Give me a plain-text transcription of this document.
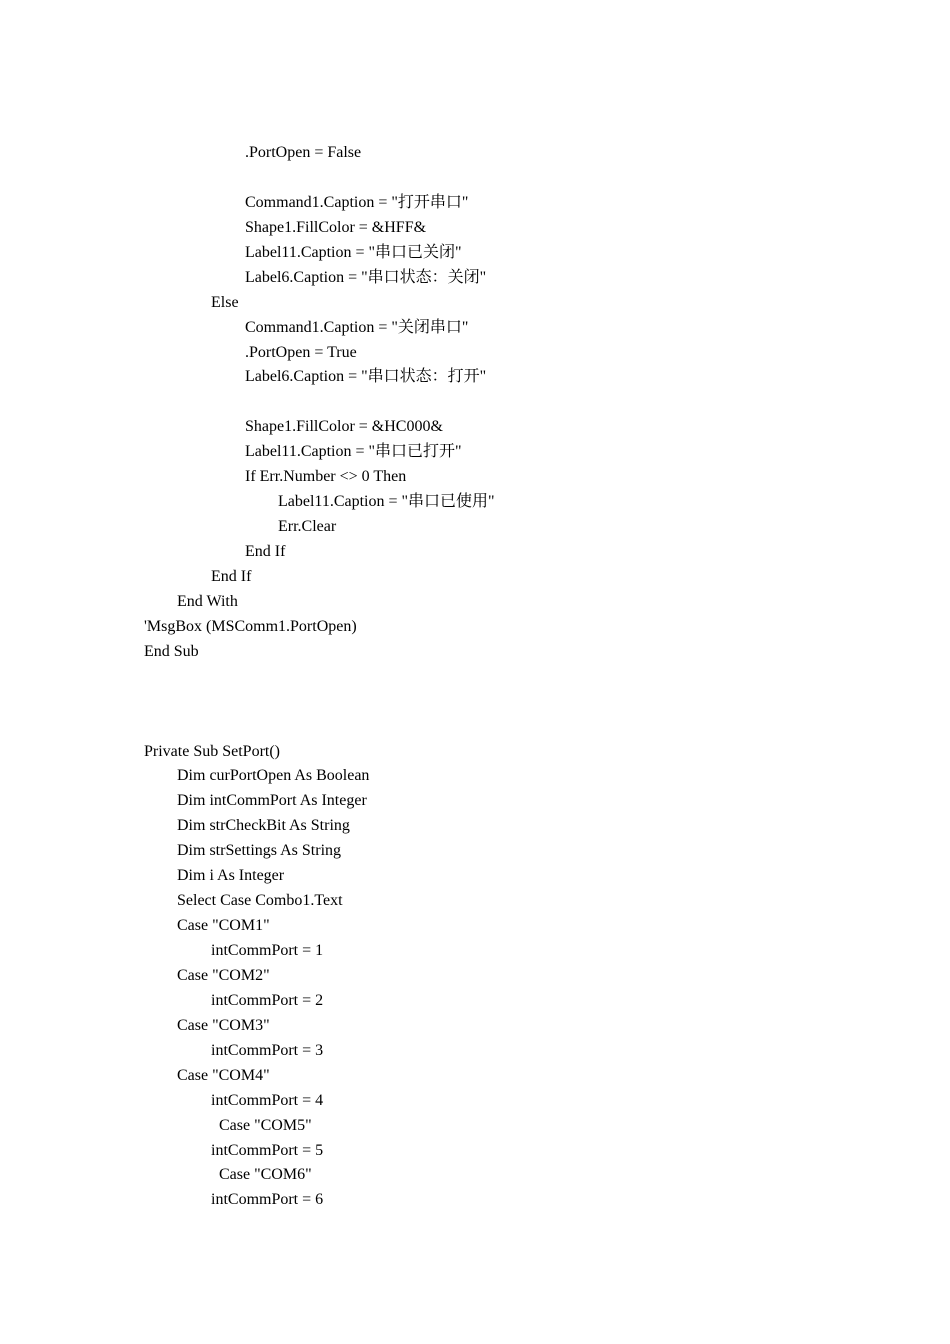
.PortOpen = False
Command1.Caption = "打开串口"
Shape1.FillColor = &HFF&
Label11.Caption = "串口已关闭"
Label6.Caption = "串口状态：关闭"
Else
Command1.Caption = "关闭串口"
.PortOpen = True
Label6.Caption = "串口状态：打开"
Shape1.FillColor = &HC000&
Label11.Caption = "串口已打开"
If Err.Number <> 0 Then
Label11.Caption = "串口已使用"
Err.Clear
End If
End If
End With
'MsgBox (MSComm1.PortOpen)
End Sub
Private Sub SetPort()
Dim curPortOpen As Boolean
Dim intCommPort As Integer
Dim strCheckBit As String
Dim strSettings As String
Dim i As Integer
Select Case Combo1.Text
Case "COM1"
intCommPort = 1
Case "COM2"
intCommPort = 2
Case "COM3"
intCommPort = 3
Case "COM4"
intCommPort = 4
Case "COM5"
intCommPort = 5
Case "COM6"
intCommPort = 6
